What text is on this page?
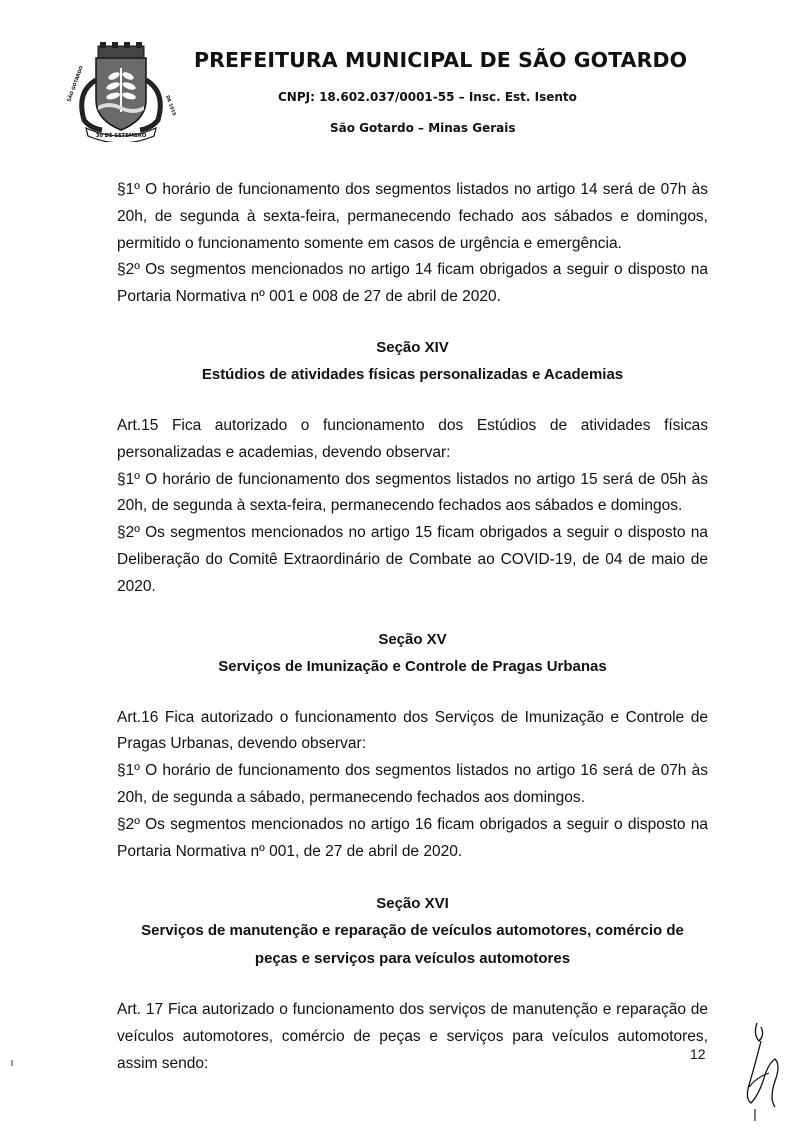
30 DE SETEMBRO
SÃO GOTARDO
DE 1915
PREFEITURA MUNICIPAL DE SÃO GOTARDO
CNPJ: 18.602.037/0001-55 – Insc. Est. Isento
São Gotardo – Minas Gerais

§1º O horário de funcionamento dos segmentos listados no artigo 14 será de 07h às 20h, de segunda à sexta-feira, permanecendo fechado aos sábados e domingos, permitido o funcionamento somente em casos de urgência e emergência.

§2º Os segmentos mencionados no artigo 14 ficam obrigados a seguir o disposto na Portaria Normativa nº 001 e 008 de 27 de abril de 2020.

Seção XIV

Estúdios de atividades físicas personalizadas e Academias

Art.15 Fica autorizado o funcionamento dos Estúdios de atividades físicas personalizadas e academias, devendo observar:

§1º O horário de funcionamento dos segmentos listados no artigo 15 será de 05h às 20h, de segunda à sexta-feira, permanecendo fechados aos sábados e domingos.

§2º Os segmentos mencionados no artigo 15 ficam obrigados a seguir o disposto na Deliberação do Comitê Extraordinário de Combate ao COVID-19, de 04 de maio de 2020.

Seção XV

Serviços de Imunização e Controle de Pragas Urbanas

Art.16 Fica autorizado o funcionamento dos Serviços de Imunização e Controle de Pragas Urbanas, devendo observar:

§1º O horário de funcionamento dos segmentos listados no artigo 16 será de 07h às 20h, de segunda a sábado, permanecendo fechados aos domingos.

§2º Os segmentos mencionados no artigo 16 ficam obrigados a seguir o disposto na Portaria Normativa nº 001, de 27 de abril de 2020.

Seção XVI

Serviços de manutenção e reparação de veículos automotores, comércio de

peças e serviços para veículos automotores

Art. 17 Fica autorizado o funcionamento dos serviços de manutenção e reparação de veículos automotores, comércio de peças e serviços para veículos automotores, assim sendo:

12
